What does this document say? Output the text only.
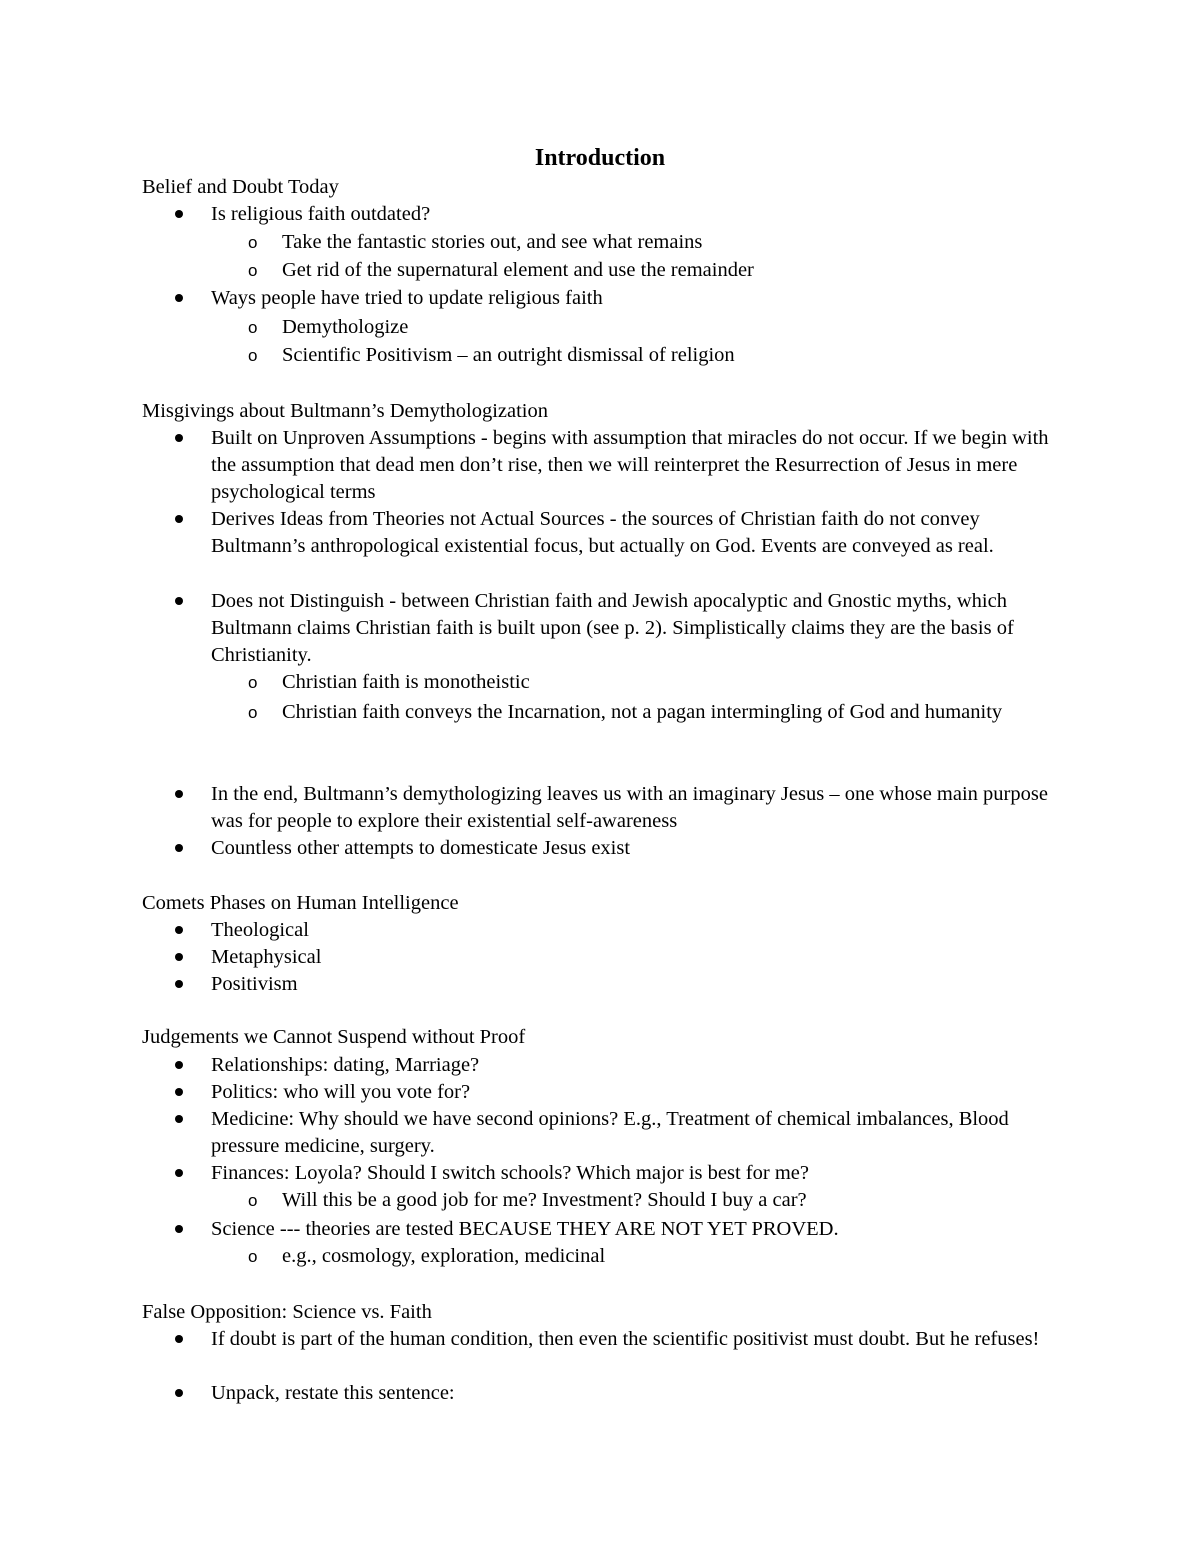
Introduction
Belief and Doubt Today
Is religious faith outdated?
o Take the fantastic stories out, and see what remains
o Get rid of the supernatural element and use the remainder
Ways people have tried to update religious faith
o Demythologize
o Scientific Positivism – an outright dismissal of religion
Misgivings about Bultmann’s Demythologization
Built on Unproven Assumptions - begins with assumption that miracles do not occur. If we begin with the assumption that dead men don’t rise, then we will reinterpret the Resurrection of Jesus in mere psychological terms
Derives Ideas from Theories not Actual Sources - the sources of Christian faith do not convey Bultmann’s anthropological existential focus, but actually on God. Events are conveyed as real.
Does not Distinguish - between Christian faith and Jewish apocalyptic and Gnostic myths, which Bultmann claims Christian faith is built upon (see p. 2). Simplistically claims they are the basis of Christianity.
o Christian faith is monotheistic
o Christian faith conveys the Incarnation, not a pagan intermingling of God and humanity
In the end, Bultmann’s demythologizing leaves us with an imaginary Jesus – one whose main purpose was for people to explore their existential self-awareness
Countless other attempts to domesticate Jesus exist
Comets Phases on Human Intelligence
Theological
Metaphysical
Positivism
Judgements we Cannot Suspend without Proof
Relationships: dating, Marriage?
Politics: who will you vote for?
Medicine: Why should we have second opinions? E.g., Treatment of chemical imbalances, Blood pressure medicine, surgery.
Finances: Loyola? Should I switch schools? Which major is best for me?
o Will this be a good job for me? Investment? Should I buy a car?
Science --- theories are tested BECAUSE THEY ARE NOT YET PROVED.
o e.g., cosmology, exploration, medicinal
False Opposition: Science vs. Faith
If doubt is part of the human condition, then even the scientific positivist must doubt. But he refuses!
Unpack, restate this sentence:
